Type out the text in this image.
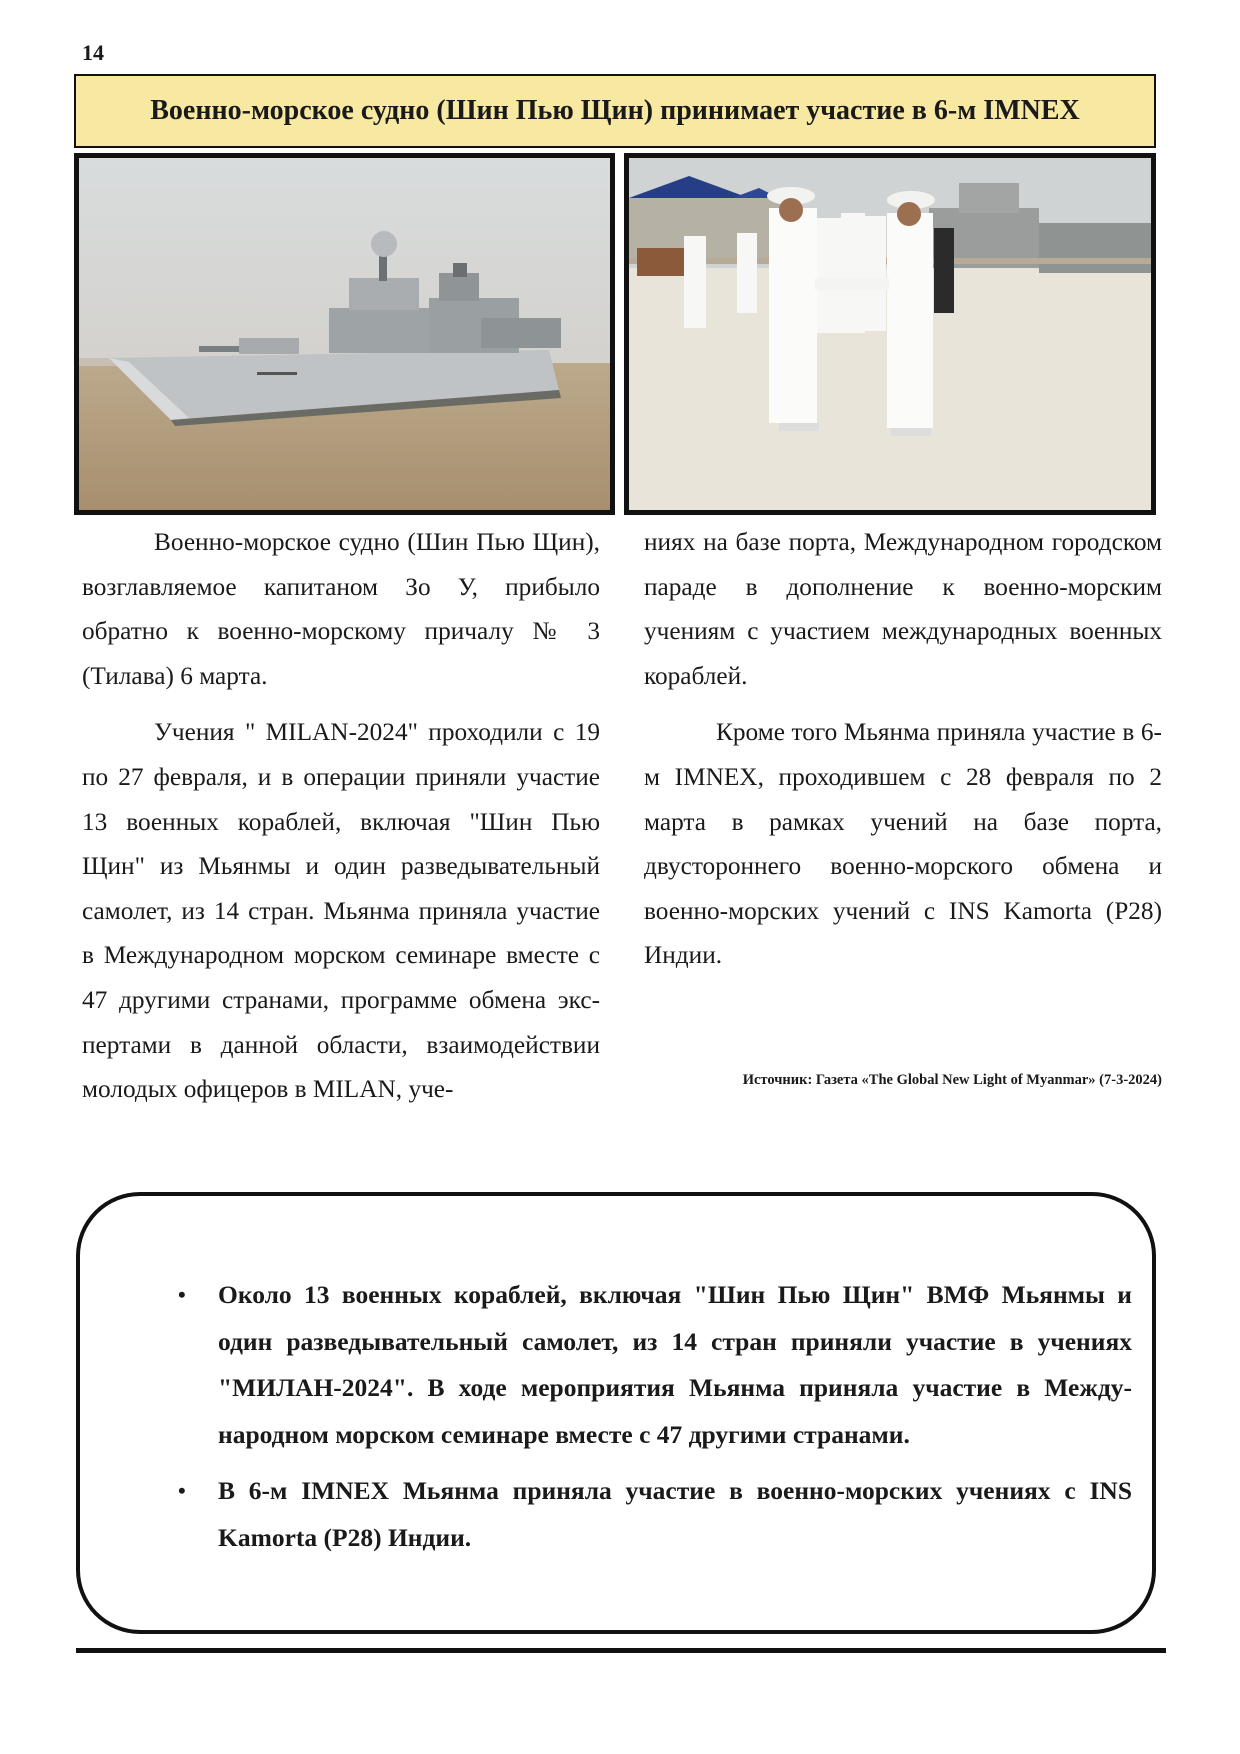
14
Военно-морское судно (Шин Пью Щин) принимает участие в 6-м IMNEX

Военно-морское судно (Шин Пью Щин), возглавляемое капитаном Зо У, прибыло обратно к военно-морскому причалу № 3 (Тилава) 6 марта.

Учения " MILAN-2024" проходили с 19 по 27 февраля, и в операции приняли участие 13 военных кораблей, включая "Шин Пью Щин" из Мьянмы и один разведывательный самолет, из 14 стран. Мьянма приняла участие в Международном морском семинаре вместе с 47 другими странами, программе обмена экспертами в данной области, взаимодействии молодых офицеров в MILAN, уче-

ниях на базе порта, Международном городском параде в дополнение к военно-морским учениям с участием международных военных кораблей.

Кроме того Мьянма приняла участие в 6-м IMNEX, проходившем с 28 февраля по 2 марта в рамках учений на базе порта, двустороннего военно-морского обмена и военно-морских учений с INS Kamorta (P28) Индии.

Источник: Газета «The Global New Light of Myanmar» (7-3-2024)
• Около 13 военных кораблей, включая "Шин Пью Щин" ВМФ Мьянмы и один разведывательный самолет, из 14 стран приняли участие в учениях "МИЛАН-2024". В ходе мероприятия Мьянма приняла участие в Международном морском семинаре вместе с 47 другими странами.
• В 6-м IMNEX Мьянма приняла участие в военно-морских учениях с INS Kamorta (P28) Индии.
